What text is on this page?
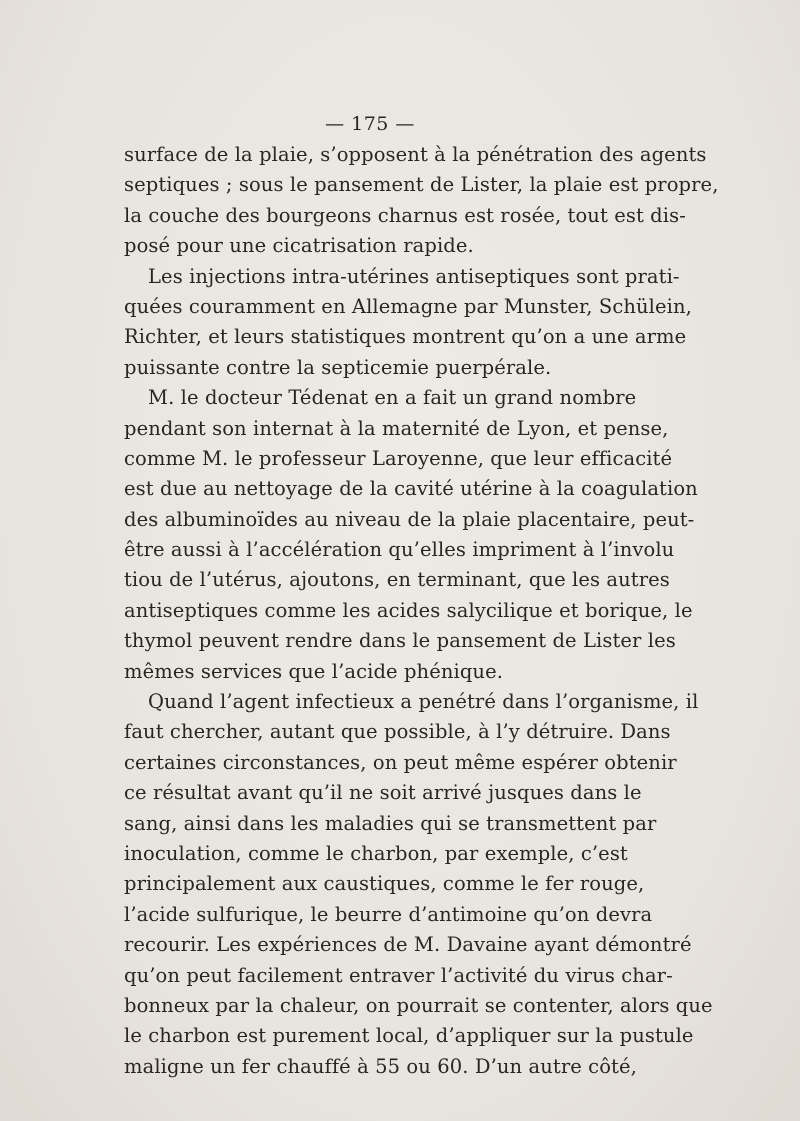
— 175 —
surface de la plaie, s’opposent à la pénétration des agents
septiques ; sous le pansement de Lister, la plaie est propre,
la couche des bourgeons charnus est rosée, tout est dis-
posé pour une cicatrisation rapide.
Les injections intra-utérines antiseptiques sont prati-
quées couramment en Allemagne par Munster, Schülein,
Richter, et leurs statistiques montrent qu’on a une arme
puissante contre la septicemie puerpérale.
M. le docteur Tédenat en a fait un grand nombre
pendant son internat à la maternité de Lyon, et pense,
comme M. le professeur Laroyenne, que leur efficacité
est due au nettoyage de la cavité utérine à la coagulation
des albuminoïdes au niveau de la plaie placentaire, peut-
être aussi à l’accélération qu’elles impriment à l’involu
tiou de l’utérus, ajoutons, en terminant, que les autres
antiseptiques comme les acides salycilique et borique, le
thymol peuvent rendre dans le pansement de Lister les
mêmes services que l’acide phénique.
Quand l’agent infectieux a penétré dans l’organisme, il
faut chercher, autant que possible, à l’y détruire. Dans
certaines circonstances, on peut même espérer obtenir
ce résultat avant qu’il ne soit arrivé jusques dans le
sang, ainsi dans les maladies qui se transmettent par
inoculation, comme le charbon, par exemple, c’est
principalement aux caustiques, comme le fer rouge,
l’acide sulfurique, le beurre d’antimoine qu’on devra
recourir. Les expériences de M. Davaine ayant démontré
qu’on peut facilement entraver l’activité du virus char-
bonneux par la chaleur, on pourrait se contenter, alors que
le charbon est purement local, d’appliquer sur la pustule
maligne un fer chauffé à 55 ou 60. D’un autre côté,
